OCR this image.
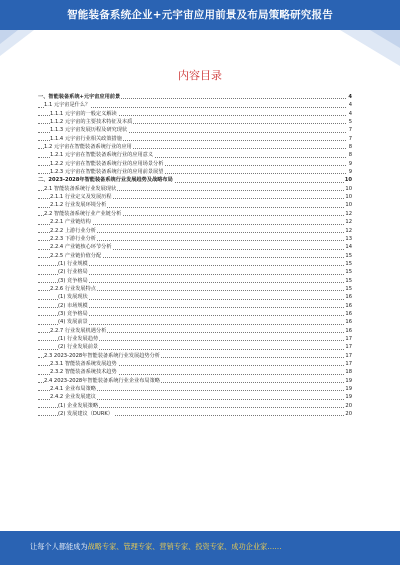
智能装备系统企业+元宇宙应用前景及布局策略研究报告
内容目录
一、智能装备系统+元宇宙应用前景	4
1.1 元宇宙是什么？	4
1.1.1 元宇宙的一般定义解读	4
1.1.2 元宇宙的主要技术特征及本质	5
1.1.3 元宇宙发展历程及研究现状	7
1.1.4 元宇宙行业相关政策措施	7
1.2 元宇宙在智能装备系统行业的应用	8
1.2.1 元宇宙在智能装备系统行业的应用意义	8
1.2.2 元宇宙在智能装备系统行业的应用场景分析	9
1.2.3 元宇宙在智能装备系统行业的应用前景展望	9
二、2023-2028年智能装备系统行业发展趋势及战略布局	10
2.1 智能装备系统行业发展现状	10
2.1.1 行业定义及发展历程	10
2.1.2 行业发展环境分析	10
2.2 智能装备系统行业产业链分析	12
2.2.1 产业链结构	12
2.2.2 上游行业分析	12
2.2.3 下游行业分析	13
2.2.4 产业链核心环节分析	14
2.2.5 产业链价值分配	15
(1) 行业规模	15
(2) 行业格局	15
(3) 竞争格局	15
2.2.6 行业发展特点	15
(1) 发展现状	16
(2) 市场规模	16
(3) 竞争格局	16
(4) 发展前景	16
2.2.7 行业发展机遇分析	16
(1) 行业发展趋势	17
(2) 行业发展前景	17
2.3 2023-2028年智能装备系统行业发展趋势分析	17
2.3.1 智能装备系统发展趋势	17
2.3.2 智能装备系统技术趋势	18
2.4 2023-2028年智能装备系统行业企业布局策略	19
2.4.1 企业布局策略	19
2.4.2 企业发展建议	19
(1) 企业发展策略	20
(2) 发展建议（DURK）	20
让每个人都能成为战略专家、管理专家、营销专家、投资专家、成功企业家……
